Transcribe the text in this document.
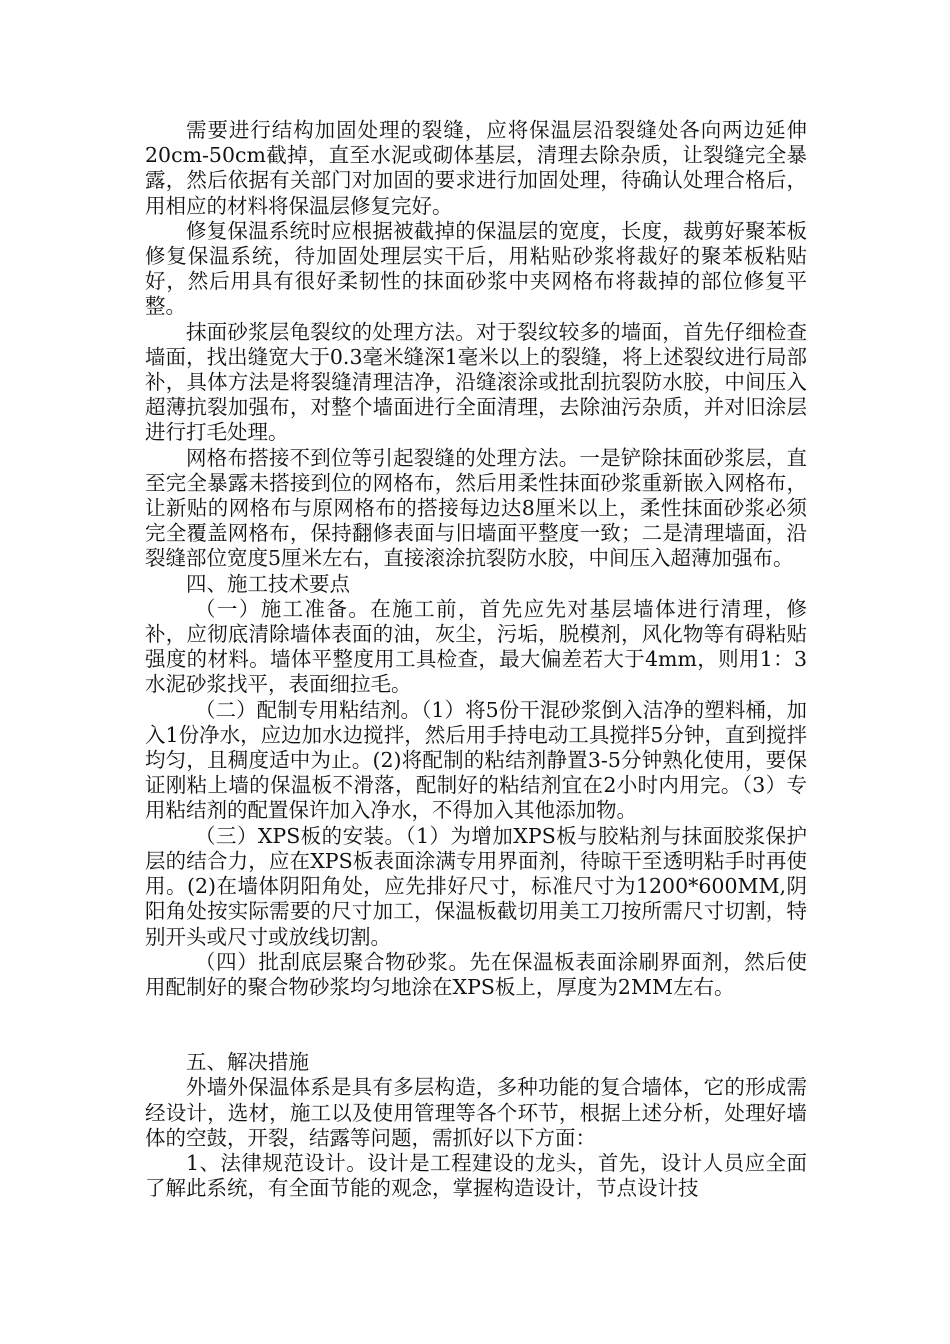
需要进行结构加固处理的裂缝，应将保温层沿裂缝处各向两边延伸20cm-50cm截掉，直至水泥或砌体基层，清理去除杂质，让裂缝完全暴露，然后依据有关部门对加固的要求进行加固处理，待确认处理合格后，用相应的材料将保温层修复完好。

修复保温系统时应根据被截掉的保温层的宽度，长度，裁剪好聚苯板修复保温系统，待加固处理层实干后，用粘贴砂浆将裁好的聚苯板粘贴好，然后用具有很好柔韧性的抹面砂浆中夹网格布将裁掉的部位修复平整。

抹面砂浆层龟裂纹的处理方法。对于裂纹较多的墙面，首先仔细检查墙面，找出缝宽大于0.3毫米缝深1毫米以上的裂缝，将上述裂纹进行局部补，具体方法是将裂缝清理洁净，沿缝滚涂或批刮抗裂防水胶，中间压入超薄抗裂加强布，对整个墙面进行全面清理，去除油污杂质，并对旧涂层进行打毛处理。

网格布搭接不到位等引起裂缝的处理方法。一是铲除抹面砂浆层，直至完全暴露未搭接到位的网格布，然后用柔性抹面砂浆重新嵌入网格布，让新贴的网格布与原网格布的搭接每边达8厘米以上，柔性抹面砂浆必须完全覆盖网格布，保持翻修表面与旧墙面平整度一致；二是清理墙面，沿裂缝部位宽度5厘米左右，直接滚涂抗裂防水胶，中间压入超薄加强布。

四、施工技术要点

（一）施工准备。在施工前，首先应先对基层墙体进行清理，修补，应彻底清除墙体表面的油，灰尘，污垢，脱模剂，风化物等有碍粘贴强度的材料。墙体平整度用工具检查，最大偏差若大于4mm，则用1：3水泥砂浆找平，表面细拉毛。

（二）配制专用粘结剂。（1）将5份干混砂浆倒入洁净的塑料桶，加入1份净水，应边加水边搅拌，然后用手持电动工具搅拌5分钟，直到搅拌均匀，且稠度适中为止。(2)将配制的粘结剂静置3-5分钟熟化使用，要保证刚粘上墙的保温板不滑落，配制好的粘结剂宜在2小时内用完。（3）专用粘结剂的配置保许加入净水，不得加入其他添加物。

（三）XPS板的安装。（1）为增加XPS板与胶粘剂与抹面胶浆保护层的结合力，应在XPS板表面涂满专用界面剂，待晾干至透明粘手时再使用。(2)在墙体阴阳角处，应先排好尺寸，标准尺寸为1200*600MM,阴阳角处按实际需要的尺寸加工，保温板截切用美工刀按所需尺寸切割，特别开头或尺寸或放线切割。

（四）批刮底层聚合物砂浆。先在保温板表面涂刷界面剂，然后使用配制好的聚合物砂浆均匀地涂在XPS板上，厚度为2MM左右。

五、解决措施

外墙外保温体系是具有多层构造，多种功能的复合墙体，它的形成需经设计，选材，施工以及使用管理等各个环节，根据上述分析，处理好墙体的空鼓，开裂，结露等问题，需抓好以下方面：

1、法律规范设计。设计是工程建设的龙头，首先，设计人员应全面了解此系统，有全面节能的观念，掌握构造设计，节点设计技
